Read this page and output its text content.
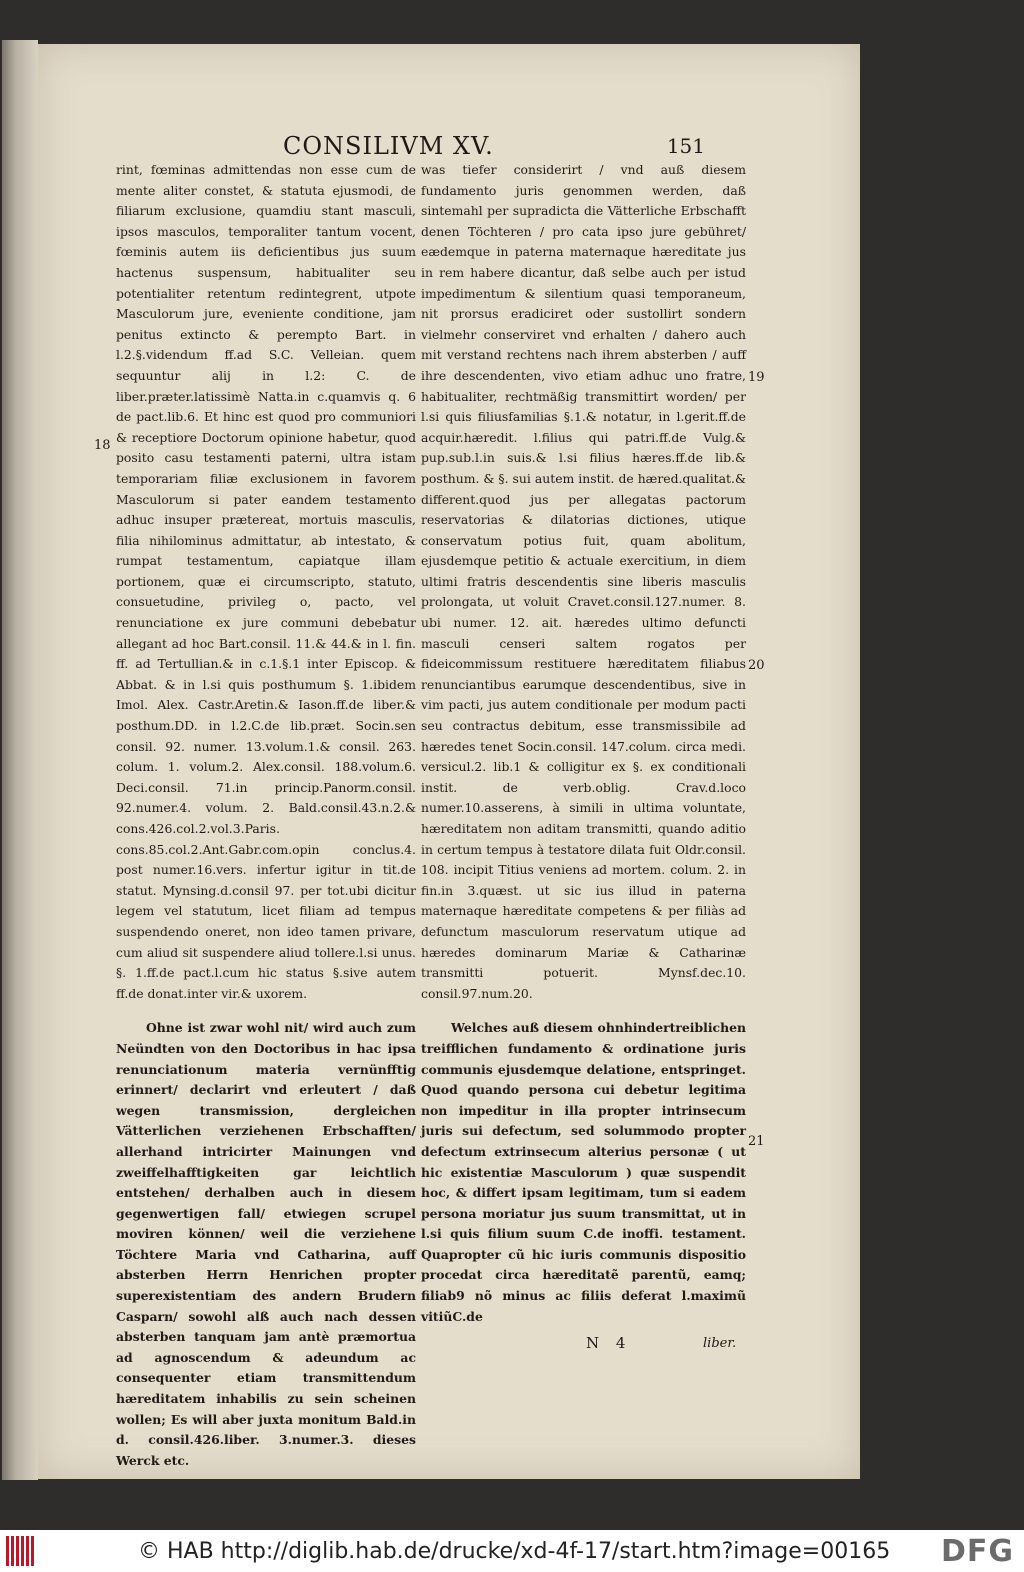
CONSILIVM XV.	151

rint, fœminas admittendas non esse cum de mente aliter constet, & statuta ejusmodi, de filiarum exclusione, quamdiu stant masculi, ipsos masculos, temporaliter tantum vocent, fœminis autem iis deficientibus jus suum hactenus suspensum, habitualiter seu potentialiter retentum redintegrent, utpote Masculorum jure, eveniente conditione, jam penitus extincto & perempto Bart. in l.2.§.videndum ff.ad S.C. Velleian. quem sequuntur alij in l.2: C. de liber.præter.latissimè Natta.in c.quamvis q. 6 de pact.lib.6. Et hinc est quod pro communiori & receptiore Doctorum opinione habetur, quod posito casu testamenti paterni, ultra istam temporariam filiæ exclusionem in favorem Masculorum si pater eandem testamento adhuc insuper prætereat, mortuis masculis, filia nihilominus admittatur, ab intestato, & rumpat testamentum, capiatque illam portionem, quæ ei circumscripto, statuto, consuetudine, privileg o, pacto, vel renunciatione ex jure communi debebatur allegant ad hoc Bart.consil. 11.& 44.& in l. fin. ff. ad Tertullian.& in c.1.§.1 inter Episcop. & Abbat. & in l.si quis posthumum §. 1.ibidem Imol. Alex. Castr.Aretin.& Iason.ff.de liber.& posthum.DD. in l.2.C.de lib.præt. Socin.sen consil. 92. numer. 13.volum.1.& consil. 263. colum. 1. volum.2. Alex.consil. 188.volum.6. Deci.consil. 71.in princip.Panorm.consil. 92.numer.4. volum. 2. Bald.consil.43.n.2.& cons.426.col.2.vol.3.Paris. cons.85.col.2.Ant.Gabr.com.opin conclus.4. post numer.16.vers. infertur igitur in tit.de statut. Mynsing.d.consil 97. per tot.ubi dicitur legem vel statutum, licet filiam ad tempus suspendendo oneret, non ideo tamen privare, cum aliud sit suspendere aliud tollere.l.si unus. §. 1.ff.de pact.l.cum hic status §.sive autem ff.de donat.inter vir.& uxorem.

Ohne ist zwar wohl nit/ wird auch zum Neündten von den Doctoribus in hac ipsa renunciationum materia vernünfftig erinnert/ declarirt vnd erleutert / daß wegen transmission, dergleichen Vätterlichen verziehenen Erbschafften/ allerhand intricirter Mainungen vnd zweiffelhafftigkeiten gar leichtlich entstehen/ derhalben auch in diesem gegenwertigen fall/ etwiegen scrupel moviren können/ weil die verziehene Töchtere Maria vnd Catharina, auff absterben Herrn Henrichen propter superexistentiam des andern Brudern Casparn/ sowohl alß auch nach dessen absterben tanquam jam antè præmortua ad agnoscendum & adeundum ac consequenter etiam transmittendum hæreditatem inhabilis zu sein scheinen wollen; Es will aber juxta monitum Bald.in d. consil.426.liber. 3.numer.3. dieses Werck etc.

was tiefer considerirt / vnd auß diesem fundamento juris genommen werden, daß sintemahl per supradicta die Vätterliche Erbschafft denen Töchteren / pro cata ipso jure gebühret/ eædemque in paterna maternaque hæreditate jus in rem habere dicantur, daß selbe auch per istud impedimentum & silentium quasi temporaneum, nit prorsus eradiciret oder sustollirt sondern vielmehr conserviret vnd erhalten / dahero auch mit verstand rechtens nach ihrem absterben / auff ihre descendenten, vivo etiam adhuc uno fratre, habitualiter, rechtmäßig transmittirt worden/ per l.si quis filiusfamilias §.1.& notatur, in l.gerit.ff.de acquir.hæredit. l.filius qui patri.ff.de Vulg.& pup.sub.l.in suis.& l.si filius hæres.ff.de lib.& posthum. & §. sui autem instit. de hæred.qualitat.& different.quod jus per allegatas pactorum reservatorias & dilatorias dictiones, utique conservatum potius fuit, quam abolitum, ejusdemque petitio & actuale exercitium, in diem ultimi fratris descendentis sine liberis masculis prolongata, ut voluit Cravet.consil.127.numer. 8. ubi numer. 12. ait. hæredes ultimo defuncti masculi censeri saltem rogatos per fideicommissum restituere hæreditatem filiabus renunciantibus earumque descendentibus, sive in vim pacti, jus autem conditionale per modum pacti seu contractus debitum, esse transmissibile ad hæredes tenet Socin.consil. 147.colum. circa medi. versicul.2. lib.1 & colligitur ex §. ex conditionali instit. de verb.oblig. Crav.d.loco numer.10.asserens, à simili in ultima voluntate, hæreditatem non aditam transmitti, quando aditio in certum tempus à testatore dilata fuit Oldr.consil. 108. incipit Titius veniens ad mortem. colum. 2. in fin.in 3.quæst. ut sic ius illud in paterna maternaque hæreditate competens & per filiàs ad defunctum masculorum reservatum utique ad hæredes dominarum Mariæ & Catharinæ transmitti potuerit. Mynsf.dec.10. consil.97.num.20.

Welches auß diesem ohnhindertreiblichen treifflichen fundamento & ordinatione juris communis ejusdemque delatione, entspringet. Quod quando persona cui debetur legitima non impeditur in illa propter intrinsecum juris sui defectum, sed solummodo propter defectum extrinsecum alterius personæ ( ut hic existentiæ Masculorum ) quæ suspendit hoc, & differt ipsam legitimam, tum si eadem persona moriatur jus suum transmittat, ut in l.si quis filium suum C.de inoffi. testament. Quapropter cũ hic iuris communis dispositio procedat circa hæreditatẽ parentũ, eamq; filiab9 nõ minus ac filiis deferat l.maximũ vitiũC.de

18
19
20
21
N 4	liber.
© HAB http://diglib.hab.de/drucke/xd-4f-17/start.htm?image=00165 DFG
